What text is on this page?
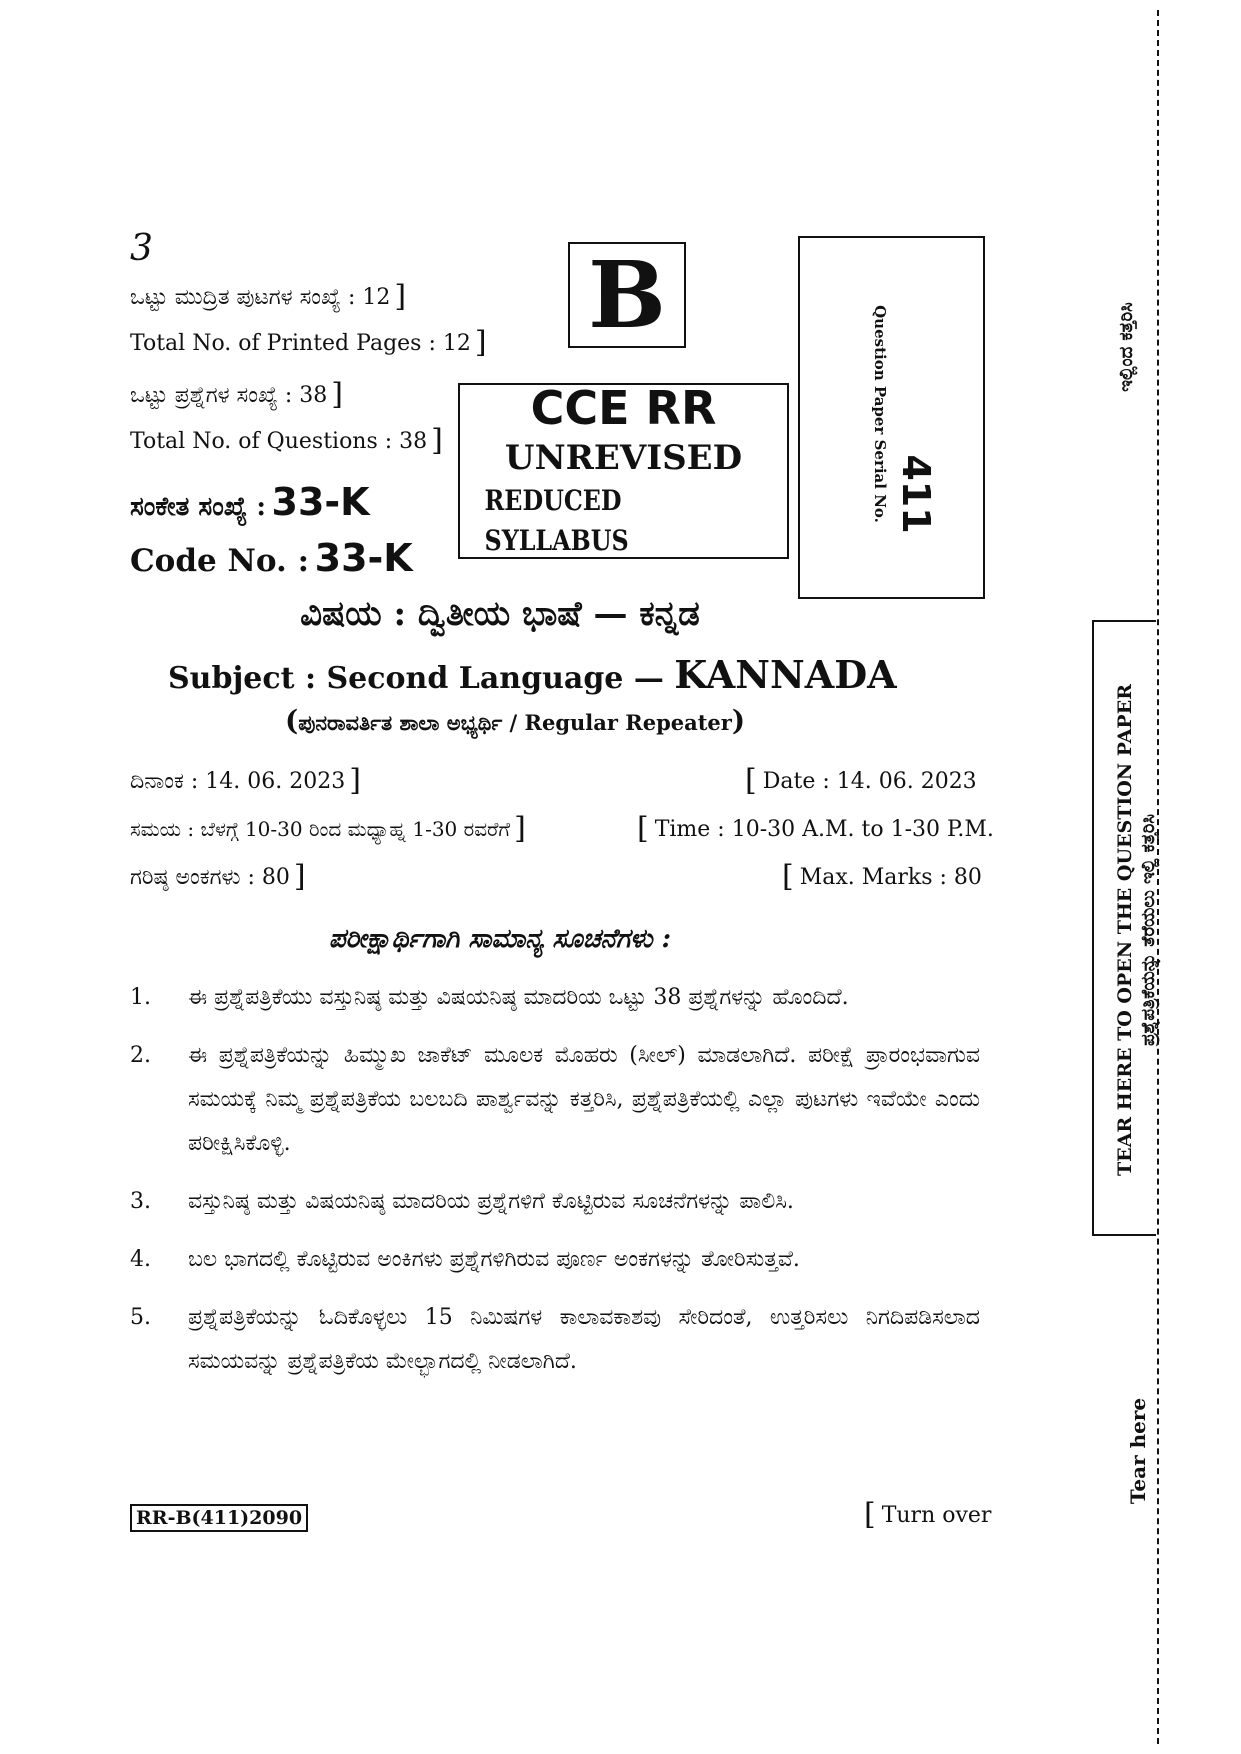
3
ಒಟ್ಟು ಮುದ್ರಿತ ಪುಟಗಳ ಸಂಖ್ಯೆ : 12 ]
Total No. of Printed Pages : 12 ]
ಒಟ್ಟು ಪ್ರಶ್ನೆಗಳ ಸಂಖ್ಯೆ : 38 ]
Total No. of Questions : 38 ]
ಸಂಕೇತ ಸಂಖ್ಯೆ : 33-K
Code No. : 33-K
B
CCE RR
UNREVISED
REDUCED SYLLABUS
Question Paper Serial No. 411
ವಿಷಯ : ದ್ವಿತೀಯ ಭಾಷೆ — ಕನ್ನಡ
Subject : Second Language — KANNADA
(ಪುನರಾವರ್ತಿತ ಶಾಲಾ ಅಭ್ಯರ್ಥಿ / Regular Repeater)
ದಿನಾಂಕ : 14. 06. 2023 ]	[ Date : 14. 06. 2023
ಸಮಯ : ಬೆಳಗ್ಗೆ 10-30 ರಿಂದ ಮಧ್ಯಾಹ್ನ 1-30 ರವರೆಗೆ ]	[ Time : 10-30 A.M. to 1-30 P.M.
ಗರಿಷ್ಠ ಅಂಕಗಳು : 80 ]	[ Max. Marks : 80
ಪರೀಕ್ಷಾರ್ಥಿಗಾಗಿ ಸಾಮಾನ್ಯ ಸೂಚನೆಗಳು :
1. ಈ ಪ್ರಶ್ನೆಪತ್ರಿಕೆಯು ವಸ್ತುನಿಷ್ಠ ಮತ್ತು ವಿಷಯನಿಷ್ಠ ಮಾದರಿಯ ಒಟ್ಟು 38 ಪ್ರಶ್ನೆಗಳನ್ನು ಹೊಂದಿದೆ.
2. ಈ ಪ್ರಶ್ನೆಪತ್ರಿಕೆಯನ್ನು ಹಿಮ್ಮುಖ ಜಾಕೆಟ್ ಮೂಲಕ ಮೊಹರು (ಸೀಲ್) ಮಾಡಲಾಗಿದೆ. ಪರೀಕ್ಷೆ ಪ್ರಾರಂಭವಾಗುವ ಸಮಯಕ್ಕೆ ನಿಮ್ಮ ಪ್ರಶ್ನೆಪತ್ರಿಕೆಯ ಬಲಬದಿ ಪಾರ್ಶ್ವವನ್ನು ಕತ್ತರಿಸಿ, ಪ್ರಶ್ನೆಪತ್ರಿಕೆಯಲ್ಲಿ ಎಲ್ಲಾ ಪುಟಗಳು ಇವೆಯೇ ಎಂದು ಪರೀಕ್ಷಿಸಿಕೊಳ್ಳಿ.
3. ವಸ್ತುನಿಷ್ಠ ಮತ್ತು ವಿಷಯನಿಷ್ಠ ಮಾದರಿಯ ಪ್ರಶ್ನೆಗಳಿಗೆ ಕೊಟ್ಟಿರುವ ಸೂಚನೆಗಳನ್ನು ಪಾಲಿಸಿ.
4. ಬಲ ಭಾಗದಲ್ಲಿ ಕೊಟ್ಟಿರುವ ಅಂಕಿಗಳು ಪ್ರಶ್ನೆಗಳಿಗಿರುವ ಪೂರ್ಣ ಅಂಕಗಳನ್ನು ತೋರಿಸುತ್ತವೆ.
5. ಪ್ರಶ್ನೆಪತ್ರಿಕೆಯನ್ನು ಓದಿಕೊಳ್ಳಲು 15 ನಿಮಿಷಗಳ ಕಾಲಾವಕಾಶವು ಸೇರಿದಂತೆ, ಉತ್ತರಿಸಲು ನಿಗದಿಪಡಿಸಲಾದ ಸಮಯವನ್ನು ಪ್ರಶ್ನೆಪತ್ರಿಕೆಯ ಮೇಲ್ಭಾಗದಲ್ಲಿ ನೀಡಲಾಗಿದೆ.
RR-B(411)2090	[ Turn over
ಇಲ್ಲಿಂದ ಕತ್ತರಿಸಿ
TEAR HERE TO OPEN THE QUESTION PAPER ಪ್ರಶ್ನೆಪತ್ರಿಕೆಯನ್ನು ತೆರೆಯಲು ಇಲ್ಲಿ ಕತ್ತರಿಸಿ
Tear here
